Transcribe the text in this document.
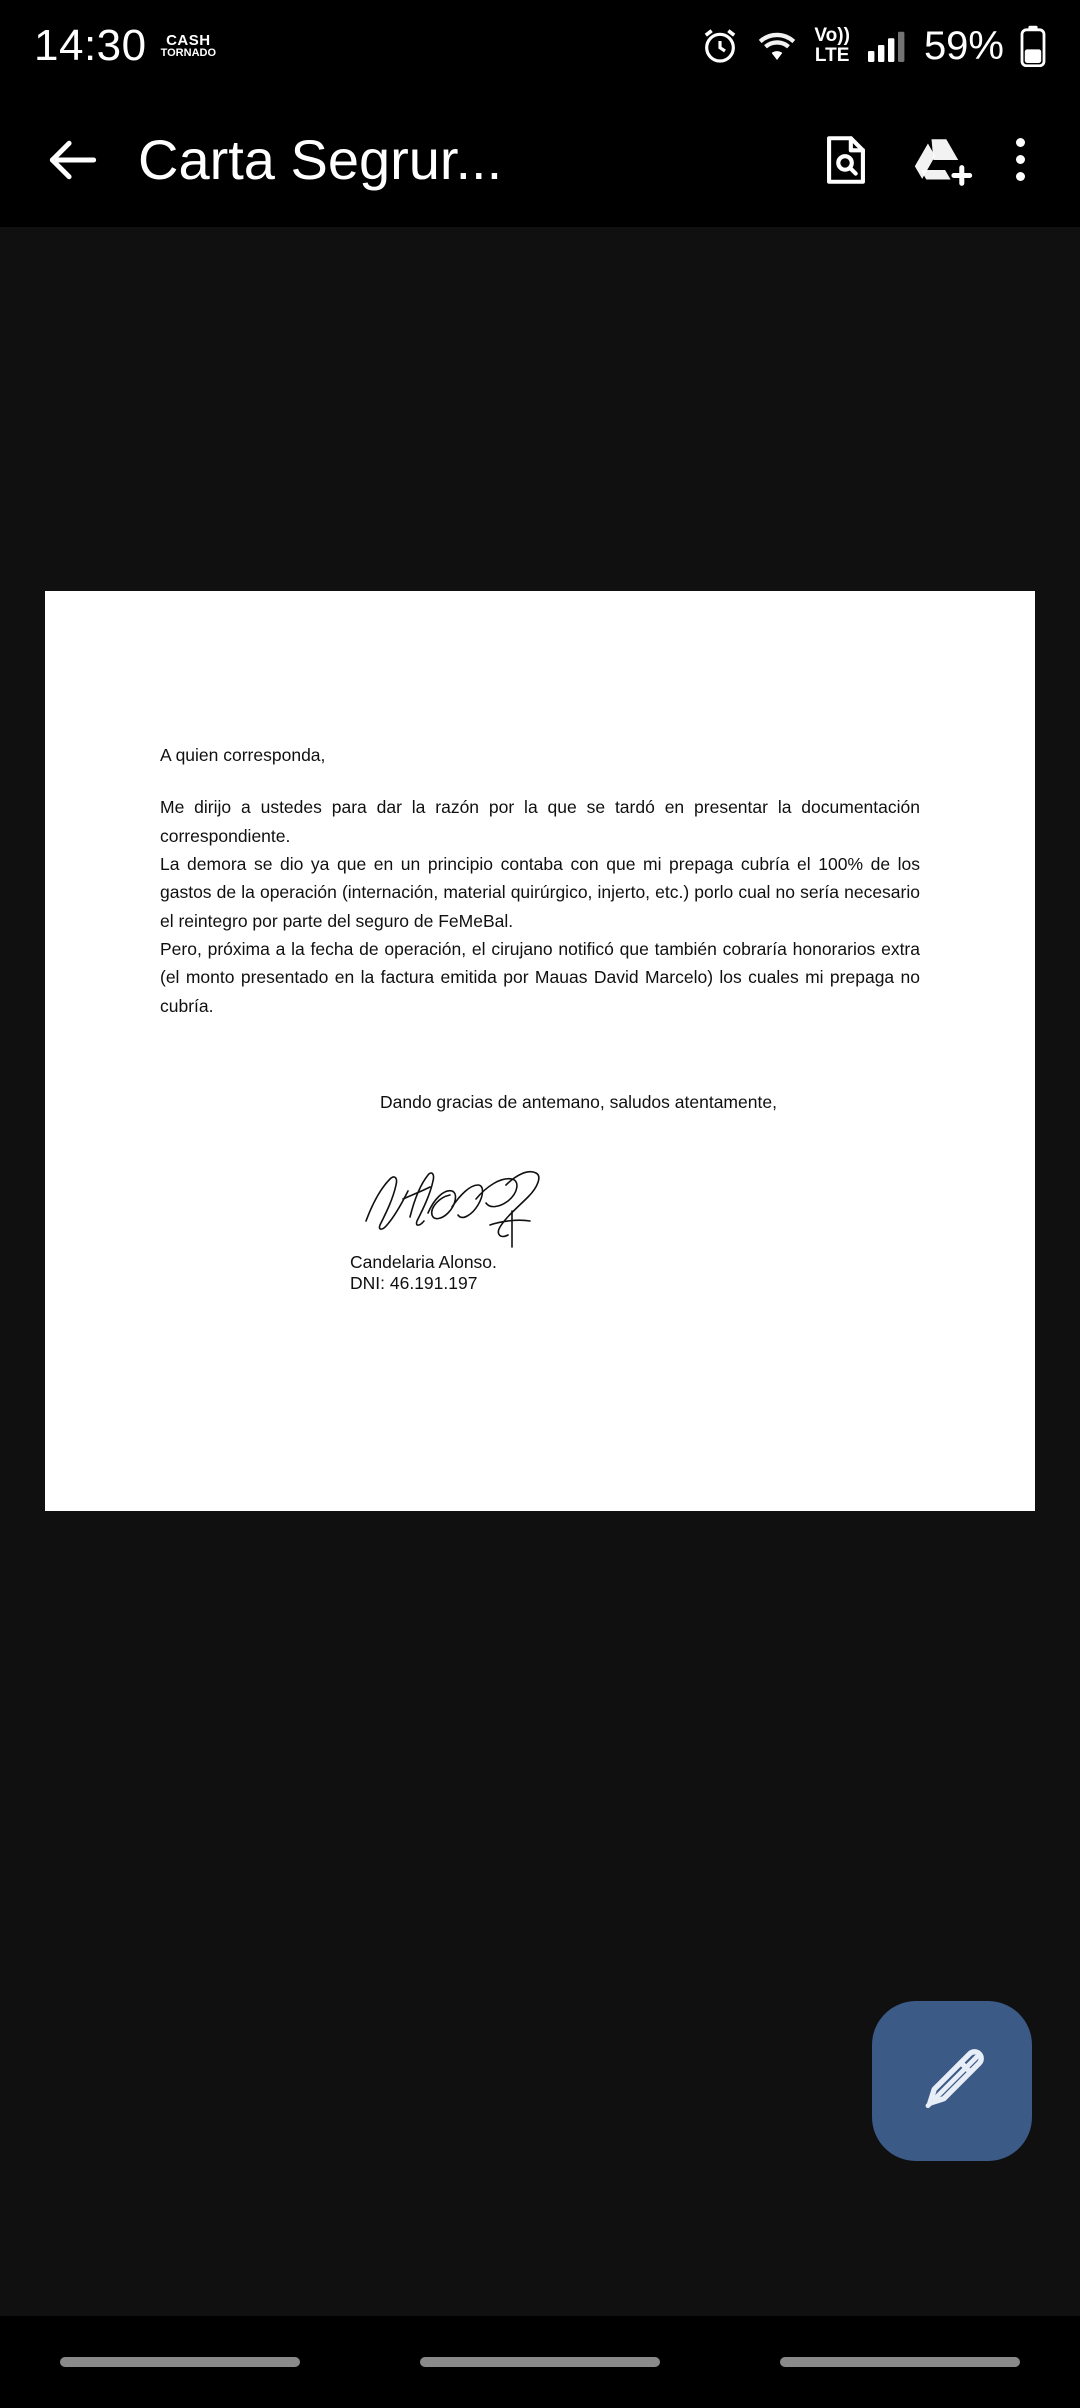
14:30 CASH
TORNADO
Vo))
LTE 59%
Carta Segrur...

A quien corresponda,

Me dirijo a ustedes para dar la razón por la que se tardó en presentar la documentación correspondiente.

La demora se dio ya que en un principio contaba con que mi prepaga cubría el 100% de los gastos de la operación (internación, material quirúrgico, injerto, etc.) porlo cual no sería necesario el reintegro por parte del seguro de FeMeBal.

Pero, próxima a la fecha de operación, el cirujano notificó que también cobraría honorarios extra (el monto presentado en la factura emitida por Mauas David Marcelo) los cuales mi prepaga no cubría.

Dando gracias de antemano, saludos atentamente,
Candelaria Alonso.
DNI: 46.191.197
